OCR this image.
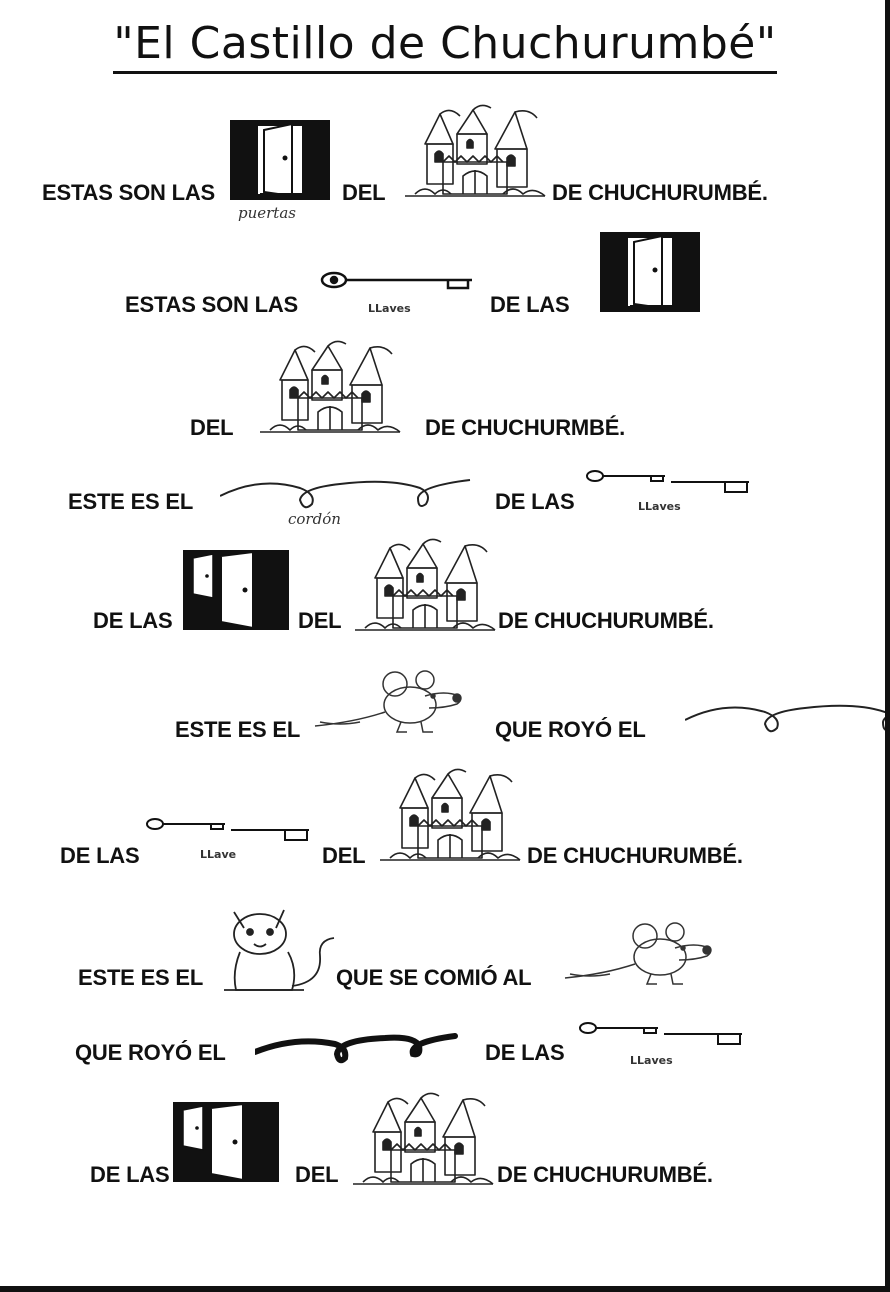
"El Castillo de Chuchurumbé"
ESTAS SON LAS
puertas
DEL	DE CHUCHURUMBÉ.
ESTAS SON LAS	LLaves	DE LAS
DEL	DE CHUCHURMBÉ.
ESTE ES EL
cordón
DE LAS	LLaves
DE LAS	DEL	DE CHUCHURUMBÉ.
ESTE ES EL	QUE ROYÓ EL
DE LAS	LLave	DEL	DE CHUCHURUMBÉ.
ESTE ES EL	QUE SE COMIÓ AL
QUE ROYÓ EL	DE LAS	LLaves
DE LAS	DEL	DE CHUCHURUMBÉ.
